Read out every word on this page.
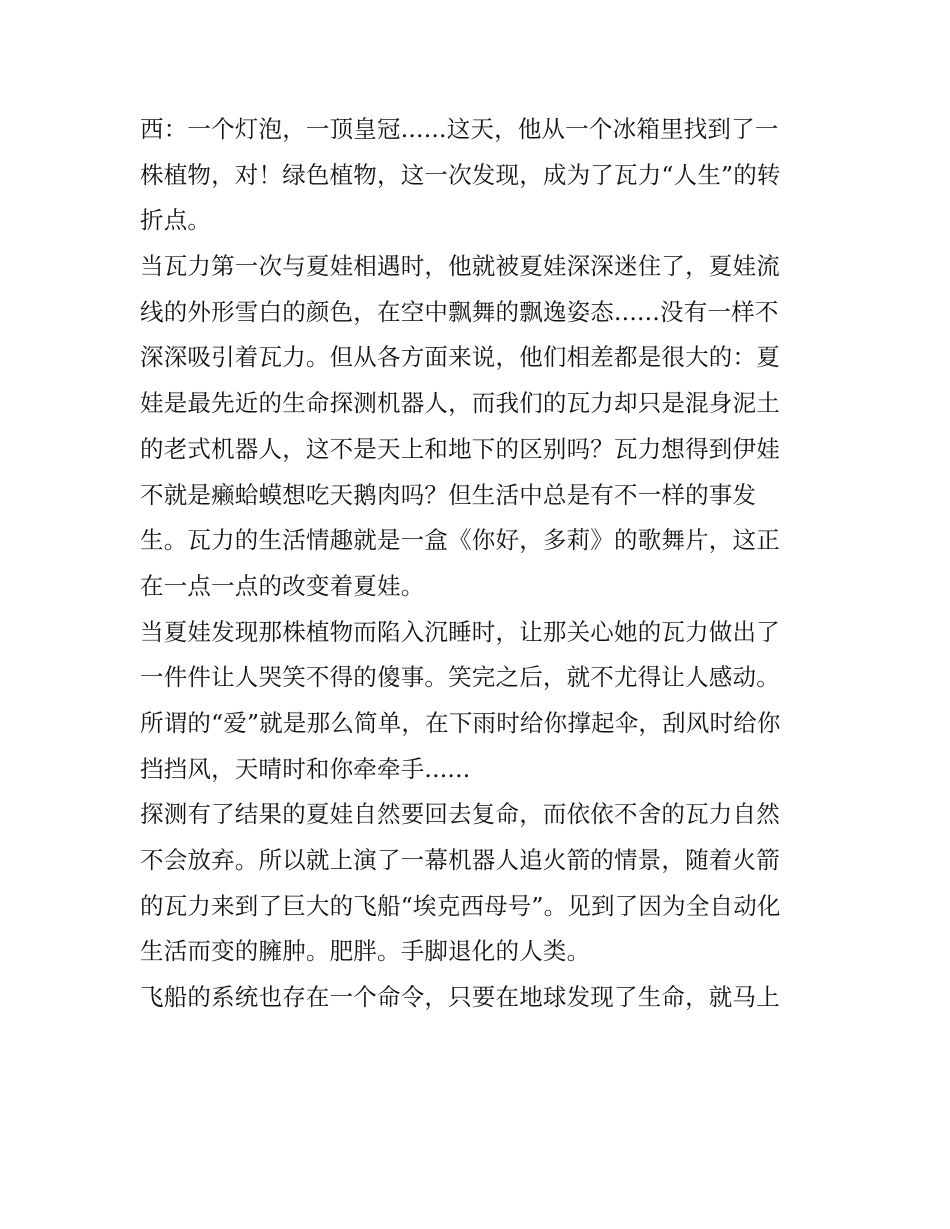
西：一个灯泡，一顶皇冠......这天，他从一个冰箱里找到了一
株植物，对！绿色植物，这一次发现，成为了瓦力“人生”的转
折点。
当瓦力第一次与夏娃相遇时，他就被夏娃深深迷住了，夏娃流
线的外形雪白的颜色，在空中飘舞的飘逸姿态......没有一样不
深深吸引着瓦力。但从各方面来说，他们相差都是很大的：夏
娃是最先近的生命探测机器人，而我们的瓦力却只是混身泥土
的老式机器人，这不是天上和地下的区别吗？瓦力想得到伊娃
不就是癞蛤蟆想吃天鹅肉吗？但生活中总是有不一样的事发
生。瓦力的生活情趣就是一盒《你好，多莉》的歌舞片，这正
在一点一点的改变着夏娃。
当夏娃发现那株植物而陷入沉睡时，让那关心她的瓦力做出了
一件件让人哭笑不得的傻事。笑完之后，就不尤得让人感动。
所谓的“爱”就是那么简单，在下雨时给你撑起伞，刮风时给你
挡挡风，天晴时和你牵牵手......
探测有了结果的夏娃自然要回去复命，而依依不舍的瓦力自然
不会放弃。所以就上演了一幕机器人追火箭的情景，随着火箭
的瓦力来到了巨大的飞船“埃克西母号”。见到了因为全自动化
生活而变的臃肿。肥胖。手脚退化的人类。
飞船的系统也存在一个命令，只要在地球发现了生命，就马上
